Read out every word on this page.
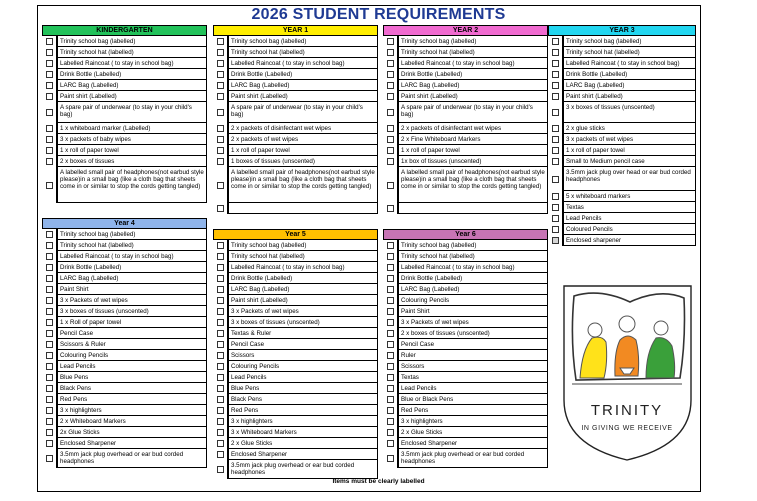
2026 STUDENT REQUIREMENTS
KINDERGARTEN
Trinity school bag (labelled)
Trinity school hat (labelled)
Labelled Raincoat ( to stay in school bag)
Drink Bottle (Labelled)
LARC Bag (Labelled)
Paint shirt (Labelled)
A spare pair of underwear (to stay in your child's bag)
1 x whiteboard marker (Labelled)
3 x packets of baby wipes
1 x roll of paper towel
2 x boxes of tissues
A labelled small pair of headphones(not earbud style please)in a small bag (like a cloth bag that sheets come in or similar to stop the cords getting tangled)
YEAR 1
Trinity school bag (labelled)
Trinity school hat (labelled)
Labelled Raincoat ( to stay in school bag)
Drink Bottle (Labelled)
LARC Bag (Labelled)
Paint shirt (Labelled)
A spare pair of underwear (to stay in your child's bag)
2 x packets of disinfectant wet wipes
2 x packets of wet wipes
1 x roll of paper towel
1 boxes of tissues (unscented)
A labelled small pair of headphones(not earbud style please)in a small bag (like a cloth bag that sheets come in or similar to stop the cords getting tangled)
YEAR 2
Trinity school bag (labelled)
Trinity school hat (labelled)
Labelled Raincoat ( to stay in school bag)
Drink Bottle (Labelled)
LARC Bag (Labelled)
Paint shirt (Labelled)
A spare pair of underwear (to stay in your child's bag)
2 x packets of disinfectant wet wipes
2 x Fine Whiteboard Markers
1 x roll of paper towel
1x box of tissues (unscented)
A labelled small pair of headphones(not earbud style please)in a small bag (like a cloth bag that sheets come in or similar to stop the cords getting tangled)
YEAR 3
Trinity school bag (labelled)
Trinity school hat (labelled)
Labelled Raincoat ( to stay in school bag)
Drink Bottle (Labelled)
LARC Bag (Labelled)
Paint shirt (Labelled)
3 x boxes of tissues (unscented)
2 x glue sticks
3 x packets of wet wipes
1 x roll of paper towel
Small to Medium pencil case
3.5mm jack plug over head or ear bud corded headphones
5 x whiteboard markers
Textas
Lead Pencils
Coloured Pencils
Enclosed sharpener
Year 4
Trinity school bag (labelled)
Trinity school hat (labelled)
Labelled Raincoat ( to stay in school bag)
Drink Bottle (Labelled)
LARC Bag (Labelled)
Paint Shirt
3 x Packets of wet wipes
3 x boxes of tissues (unscented)
1 x Roll of paper towel
Pencil Case
Scissors & Ruler
Colouring Pencils
Lead Pencils
Blue Pens
Black Pens
Red Pens
3 x highlighters
2 x Whiteboard Markers
2x Glue Sticks
Enclosed Sharpener
3.5mm jack plug overhead or ear bud corded headphones
Year 5
Trinity school bag (labelled)
Trinity school hat (labelled)
Labelled Raincoat ( to stay in school bag)
Drink Bottle (Labelled)
LARC Bag (Labelled)
Paint shirt (Labelled)
3 x Packets of wet wipes
3 x boxes of tissues (unscented)
Textas & Ruler
Pencil Case
Scissors
Colouring Pencils
Lead Pencils
Blue Pens
Black Pens
Red Pens
3 x highlighters
3 x Whiteboard Markers
2 x Glue Sticks
Enclosed Sharpener
3.5mm jack plug overhead or ear bud corded headphones
Year 6
Trinity school bag (labelled)
Trinity school hat (labelled)
Labelled Raincoat ( to stay in school bag)
Drink Bottle (Labelled)
LARC Bag (Labelled)
Colouring Pencils
Paint Shirt
3 x Packets of wet wipes
2 x boxes of tissues (unscented)
Pencil Case
Ruler
Scissors
Textas
Lead Pencils
Blue or Black Pens
Red Pens
3 x highlighters
2 x Glue Sticks
Enclosed Sharpener
3.5mm jack plug overhead or ear bud corded headphones
TRINITY
IN GIVING WE RECEIVE
Items must be clearly labelled
